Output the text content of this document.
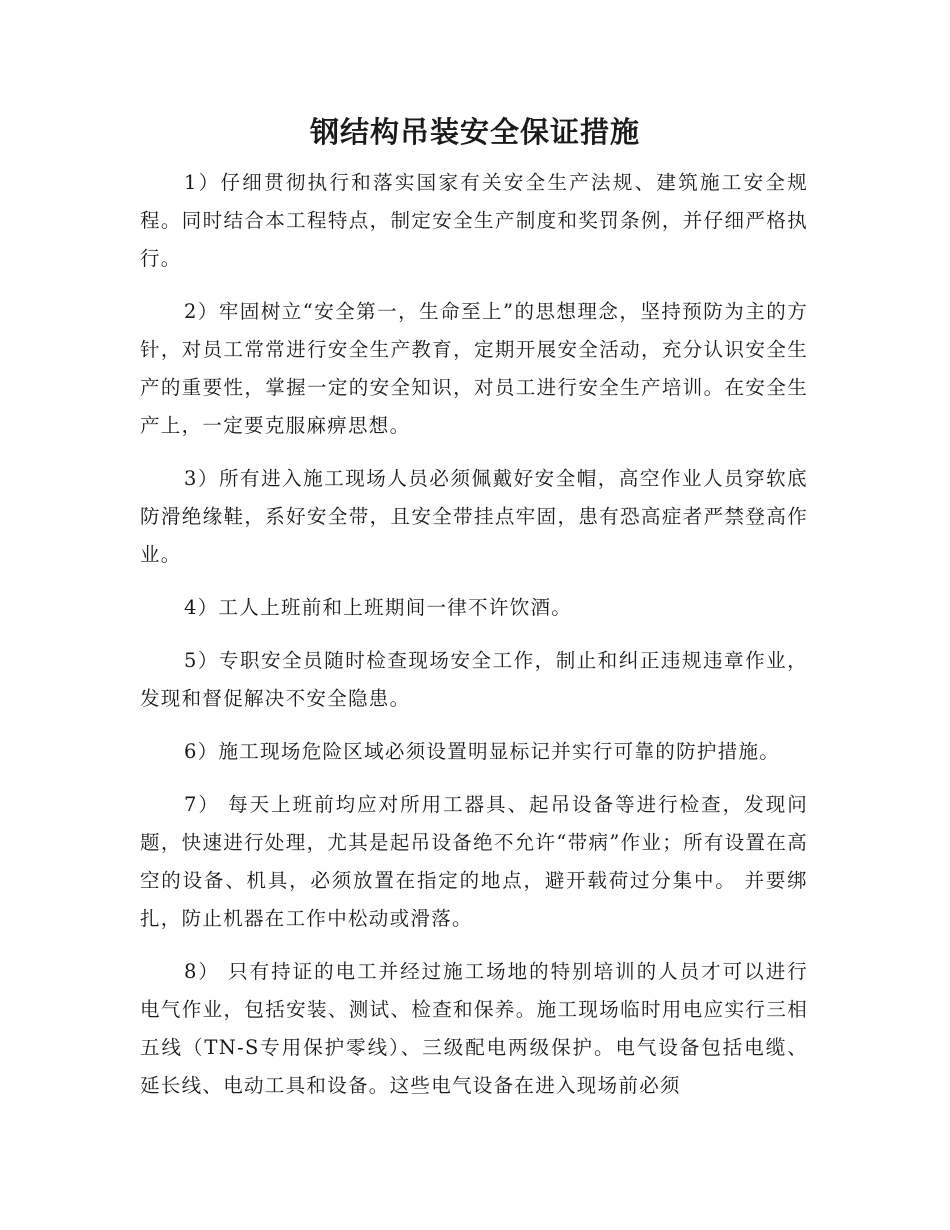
钢结构吊装安全保证措施

1）仔细贯彻执行和落实国家有关安全生产法规、建筑施工安全规程。同时结合本工程特点，制定安全生产制度和奖罚条例，并仔细严格执行。

2）牢固树立“安全第一，生命至上”的思想理念，坚持预防为主的方针，对员工常常进行安全生产教育，定期开展安全活动，充分认识安全生产的重要性，掌握一定的安全知识，对员工进行安全生产培训。在安全生产上，一定要克服麻痹思想。

3）所有进入施工现场人员必须佩戴好安全帽，高空作业人员穿软底防滑绝缘鞋，系好安全带，且安全带挂点牢固，患有恐高症者严禁登高作业。

4）工人上班前和上班期间一律不许饮酒。

5）专职安全员随时检查现场安全工作，制止和纠正违规违章作业，发现和督促解决不安全隐患。

6）施工现场危险区域必须设置明显标记并实行可靠的防护措施。

7） 每天上班前均应对所用工器具、起吊设备等进行检查，发现问题，快速进行处理，尤其是起吊设备绝不允许“带病”作业；所有设置在高空的设备、机具，必须放置在指定的地点，避开载荷过分集中。 并要绑扎，防止机器在工作中松动或滑落。

8） 只有持证的电工并经过施工场地的特别培训的人员才可以进行电气作业，包括安装、测试、检查和保养。施工现场临时用电应实行三相五线（TN-S专用保护零线）、三级配电两级保护。电气设备包括电缆、延长线、电动工具和设备。这些电气设备在进入现场前必须
